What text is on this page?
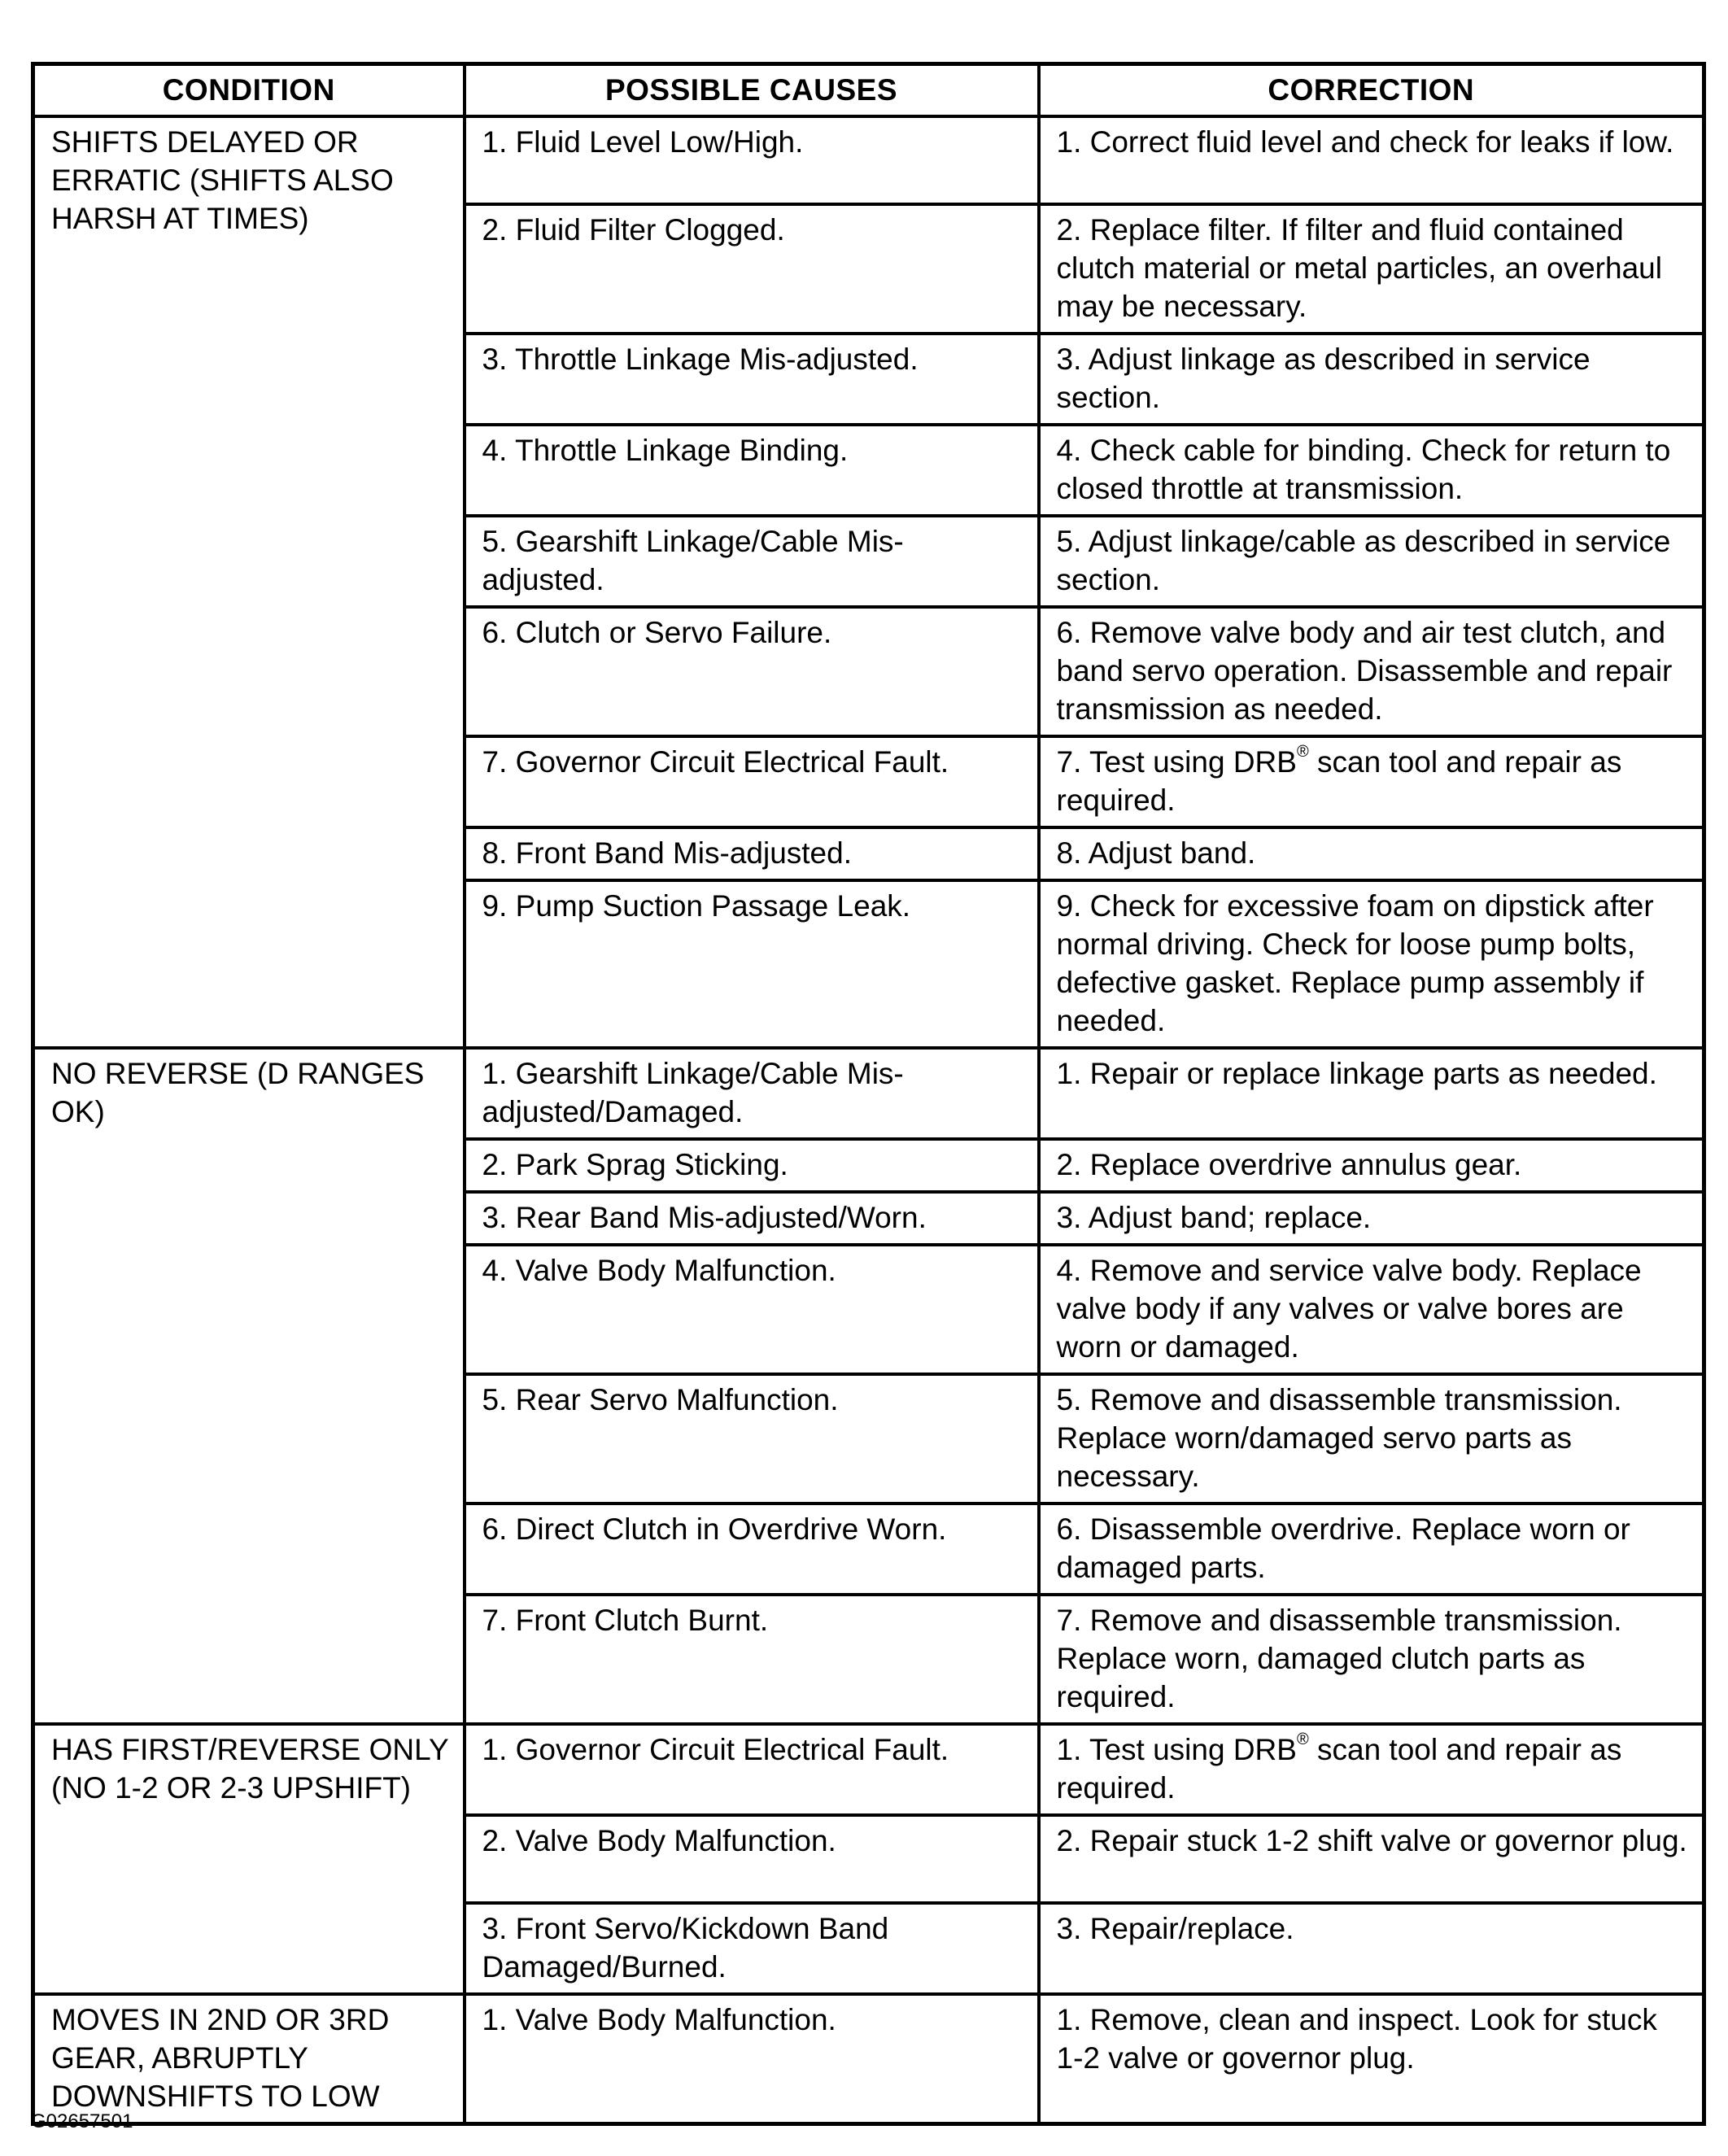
CONDITION	POSSIBLE CAUSES	CORRECTION
SHIFTS DELAYED OR ERRATIC (SHIFTS ALSO HARSH AT TIMES)	1. Fluid Level Low/High.	1. Correct fluid level and check for leaks if low.
	2. Fluid Filter Clogged.	2. Replace filter. If filter and fluid contained clutch material or metal particles, an overhaul may be necessary.
	3. Throttle Linkage Mis-adjusted.	3. Adjust linkage as described in service section.
	4. Throttle Linkage Binding.	4. Check cable for binding. Check for return to closed throttle at transmission.
	5. Gearshift Linkage/Cable Mis-adjusted.	5. Adjust linkage/cable as described in service section.
	6. Clutch or Servo Failure.	6. Remove valve body and air test clutch, and band servo operation. Disassemble and repair transmission as needed.
	7. Governor Circuit Electrical Fault.	7. Test using DRB® scan tool and repair as required.
	8. Front Band Mis-adjusted.	8. Adjust band.
	9. Pump Suction Passage Leak.	9. Check for excessive foam on dipstick after normal driving. Check for loose pump bolts, defective gasket. Replace pump assembly if needed.
NO REVERSE (D RANGES OK)	1. Gearshift Linkage/Cable Mis-adjusted/Damaged.	1. Repair or replace linkage parts as needed.
	2. Park Sprag Sticking.	2. Replace overdrive annulus gear.
	3. Rear Band Mis-adjusted/Worn.	3. Adjust band; replace.
	4. Valve Body Malfunction.	4. Remove and service valve body. Replace valve body if any valves or valve bores are worn or damaged.
	5. Rear Servo Malfunction.	5. Remove and disassemble transmission. Replace worn/damaged servo parts as necessary.
	6. Direct Clutch in Overdrive Worn.	6. Disassemble overdrive. Replace worn or damaged parts.
	7. Front Clutch Burnt.	7. Remove and disassemble transmission. Replace worn, damaged clutch parts as required.
HAS FIRST/REVERSE ONLY (NO 1-2 OR 2-3 UPSHIFT)	1. Governor Circuit Electrical Fault.	1. Test using DRB® scan tool and repair as required.
	2. Valve Body Malfunction.	2. Repair stuck 1-2 shift valve or governor plug.
	3. Front Servo/Kickdown Band Damaged/Burned.	3. Repair/replace.
MOVES IN 2ND OR 3RD GEAR, ABRUPTLY DOWNSHIFTS TO LOW	1. Valve Body Malfunction.	1. Remove, clean and inspect. Look for stuck 1-2 valve or governor plug.
G02657501
